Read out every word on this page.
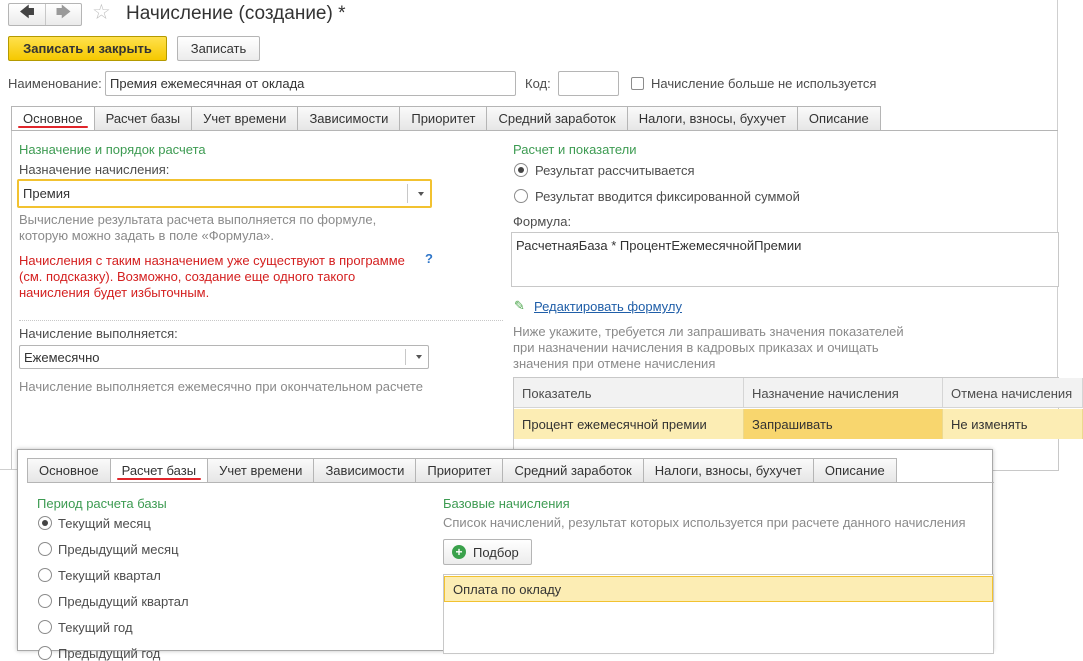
🡄 🡆 ☆ Начисление (создание) *
Записать и закрыть	Записать
Наименование: Премия ежемесячная от оклада	Код:	Начисление больше не используется
Основное Расчет базы Учет времени Зависимости Приоритет Средний заработок Налоги, взносы, бухучет Описание
Назначение и порядок расчета
Назначение начисления:
Премия
Вычисление результата расчета выполняется по формуле,
которую можно задать в поле «Формула».
Начисления с таким назначением уже существуют в программе
(см. подсказку). Возможно, создание еще одного такого
начисления будет избыточным.
?
Начисление выполняется:
Ежемесячно
Начисление выполняется ежемесячно при окончательном расчете
Расчет и показатели
Результат рассчитывается
Результат вводится фиксированной суммой
Формула:
РасчетнаяБаза * ПроцентЕжемесячнойПремии
✎ Редактировать формулу
Ниже укажите, требуется ли запрашивать значения показателей
при назначении начисления в кадровых приказах и очищать
значения при отмене начисления
Показатель	Назначение начисления	Отмена начисления
Процент ежемесячной премии	Запрашивать	Не изменять
Основное Расчет базы Учет времени Зависимости Приоритет Средний заработок Налоги, взносы, бухучет Описание
Период расчета базы
Текущий месяц
Предыдущий месяц
Текущий квартал
Предыдущий квартал
Текущий год
Предыдущий год
Базовые начисления
Список начислений, результат которых используется при расчете данного начисления
+ Подбор
Оплата по окладу
